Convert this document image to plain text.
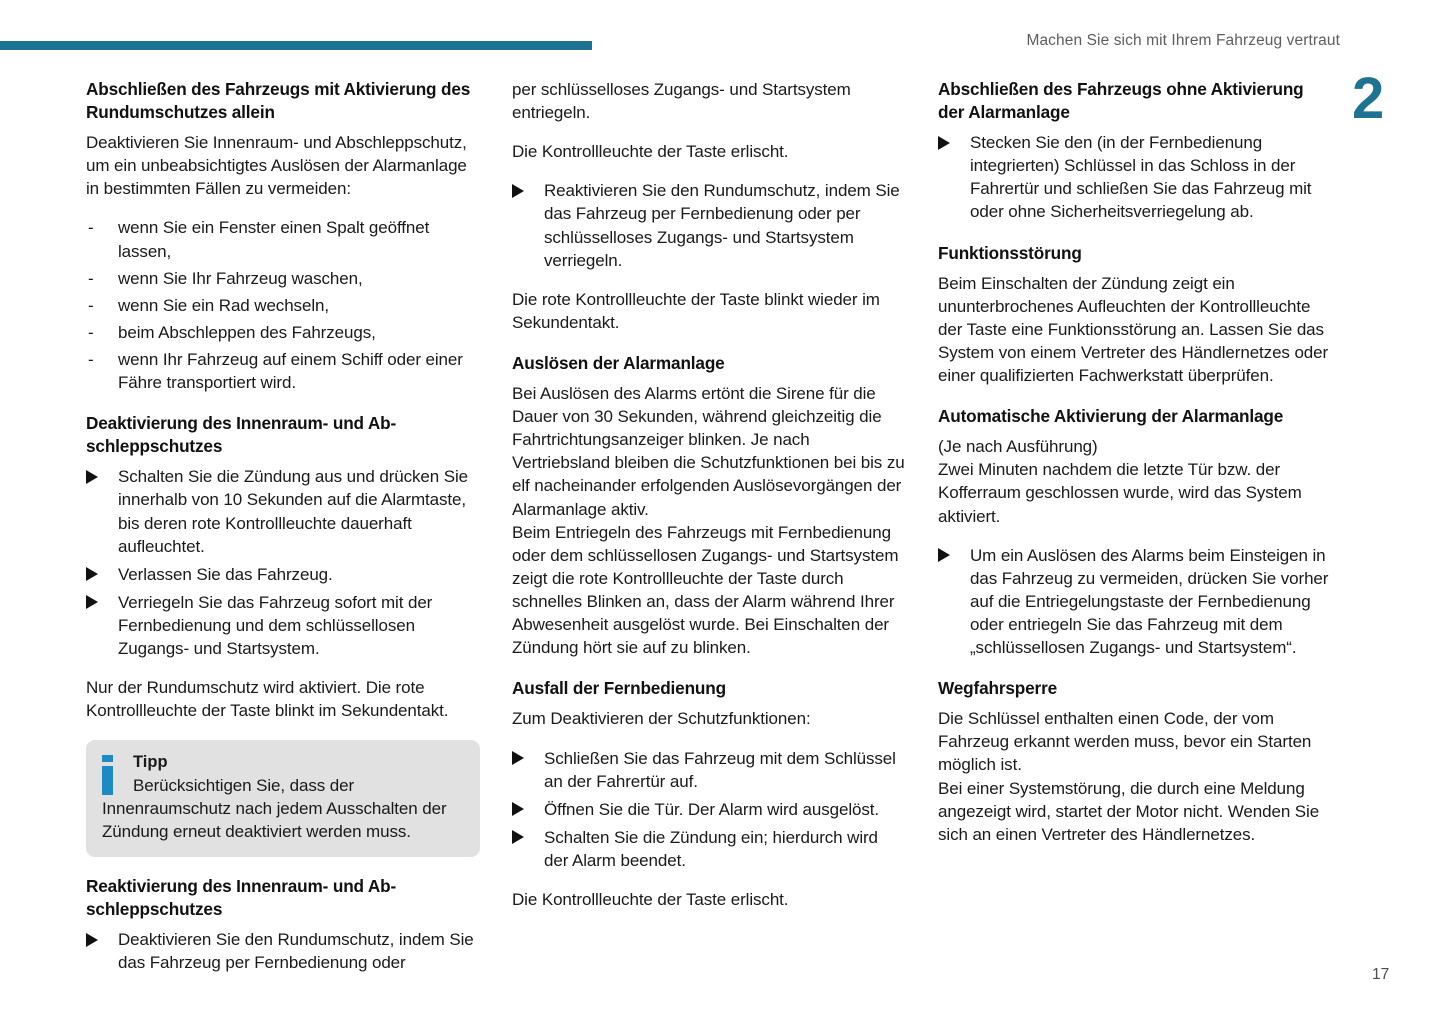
Machen Sie sich mit Ihrem Fahrzeug vertraut
2
17
Abschließen des Fahrzeugs mit Aktivierung des Rundumschutzes allein

Deaktivieren Sie Innenraum- und Abschleppschutz, um ein unbeabsichtigtes Auslösen der Alarmanlage in bestimmten Fällen zu vermeiden:

- wenn Sie ein Fenster einen Spalt geöffnet lassen,
- wenn Sie Ihr Fahrzeug waschen,
- wenn Sie ein Rad wechseln,
- beim Abschleppen des Fahrzeugs,
- wenn Ihr Fahrzeug auf einem Schiff oder einer Fähre transportiert wird.
Deaktivierung des Innenraum- und Ab-schleppschutzes
Schalten Sie die Zündung aus und drücken Sie innerhalb von 10 Sekunden auf die Alarmtaste, bis deren rote Kontrollleuchte dauerhaft aufleuchtet.
Verlassen Sie das Fahrzeug.
Verriegeln Sie das Fahrzeug sofort mit der Fernbedienung und dem schlüssellosen Zugangs- und Startsystem.

Nur der Rundumschutz wird aktiviert. Die rote Kontrollleuchte der Taste blinkt im Sekundentakt.

Tipp
Berücksichtigen Sie, dass der
Innenraumschutz nach jedem Ausschalten der Zündung erneut deaktiviert werden muss.
Reaktivierung des Innenraum- und Ab-schleppschutzes
Deaktivieren Sie den Rundumschutz, indem Sie das Fahrzeug per Fernbedienung oder

per schlüsselloses Zugangs- und Startsystem entriegeln.

Die Kontrollleuchte der Taste erlischt.

Reaktivieren Sie den Rundumschutz, indem Sie das Fahrzeug per Fernbedienung oder per schlüsselloses Zugangs- und Startsystem verriegeln.

Die rote Kontrollleuchte der Taste blinkt wieder im Sekundentakt.

Auslösen der Alarmanlage

Bei Auslösen des Alarms ertönt die Sirene für die Dauer von 30 Sekunden, während gleichzeitig die Fahrtrichtungsanzeiger blinken. Je nach Vertriebsland bleiben die Schutzfunktionen bei bis zu elf nacheinander erfolgenden Auslösevorgängen der Alarmanlage aktiv.

Beim Entriegeln des Fahrzeugs mit Fernbedienung oder dem schlüssellosen Zugangs- und Startsystem zeigt die rote Kontrollleuchte der Taste durch schnelles Blinken an, dass der Alarm während Ihrer Abwesenheit ausgelöst wurde. Bei Einschalten der Zündung hört sie auf zu blinken.

Ausfall der Fernbedienung

Zum Deaktivieren der Schutzfunktionen:

Schließen Sie das Fahrzeug mit dem Schlüssel an der Fahrertür auf.
Öffnen Sie die Tür. Der Alarm wird ausgelöst.
Schalten Sie die Zündung ein; hierdurch wird der Alarm beendet.

Die Kontrollleuchte der Taste erlischt.

Abschließen des Fahrzeugs ohne Aktivierung der Alarmanlage
Stecken Sie den (in der Fernbedienung integrierten) Schlüssel in das Schloss in der Fahrertür und schließen Sie das Fahrzeug mit oder ohne Sicherheitsverriegelung ab.
Funktionsstörung

Beim Einschalten der Zündung zeigt ein ununterbrochenes Aufleuchten der Kontrollleuchte der Taste eine Funktionsstörung an. Lassen Sie das System von einem Vertreter des Händlernetzes oder einer qualifizierten Fachwerkstatt überprüfen.

Automatische Aktivierung der Alarmanlage

(Je nach Ausführung)

Zwei Minuten nachdem die letzte Tür bzw. der Kofferraum geschlossen wurde, wird das System aktiviert.

Um ein Auslösen des Alarms beim Einsteigen in das Fahrzeug zu vermeiden, drücken Sie vorher auf die Entriegelungstaste der Fernbedienung oder entriegeln Sie das Fahrzeug mit dem „schlüssellosen Zugangs- und Startsystem“.
Wegfahrsperre

Die Schlüssel enthalten einen Code, der vom Fahrzeug erkannt werden muss, bevor ein Starten möglich ist.

Bei einer Systemstörung, die durch eine Meldung angezeigt wird, startet der Motor nicht. Wenden Sie sich an einen Vertreter des Händlernetzes.
